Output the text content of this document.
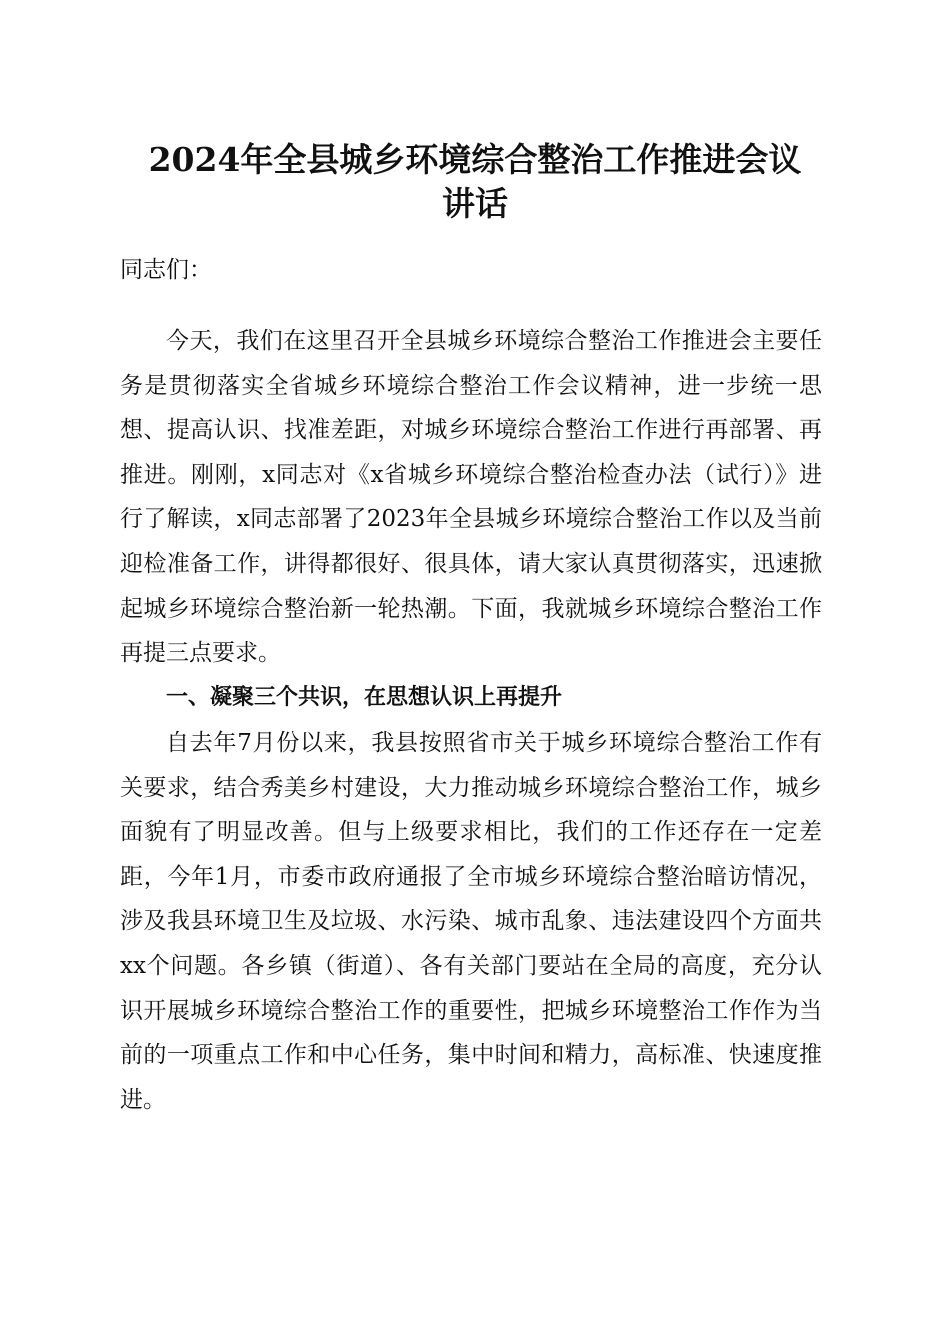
2024年全县城乡环境综合整治工作推进会议
讲话

同志们：

今天，我们在这里召开全县城乡环境综合整治工作推进会主要任务是贯彻落实全省城乡环境综合整治工作会议精神，进一步统一思想、提高认识、找准差距，对城乡环境综合整治工作进行再部署、再推进。刚刚，x同志对《x省城乡环境综合整治检查办法（试行）》进行了解读，x同志部署了2023年全县城乡环境综合整治工作以及当前迎检准备工作，讲得都很好、很具体，请大家认真贯彻落实，迅速掀起城乡环境综合整治新一轮热潮。下面，我就城乡环境综合整治工作再提三点要求。

一、凝聚三个共识，在思想认识上再提升

自去年7月份以来，我县按照省市关于城乡环境综合整治工作有关要求，结合秀美乡村建设，大力推动城乡环境综合整治工作，城乡面貌有了明显改善。但与上级要求相比，我们的工作还存在一定差距，今年1月，市委市政府通报了全市城乡环境综合整治暗访情况，涉及我县环境卫生及垃圾、水污染、城市乱象、违法建设四个方面共xx个问题。各乡镇（街道）、各有关部门要站在全局的高度，充分认识开展城乡环境综合整治工作的重要性，把城乡环境整治工作作为当前的一项重点工作和中心任务，集中时间和精力，高标准、快速度推进。
